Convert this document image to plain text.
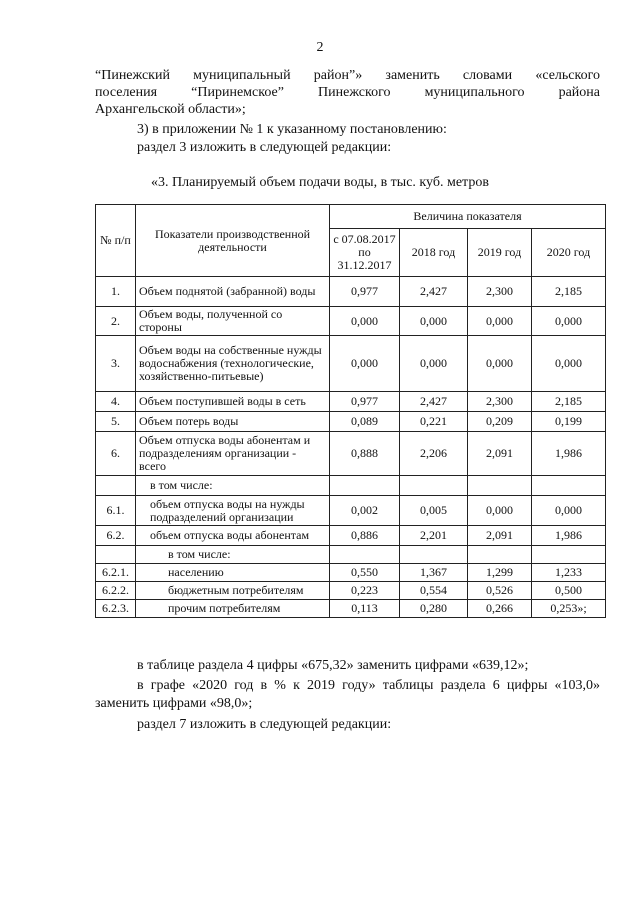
2
“Пинежский муниципальный район”» заменить словами «сельского
поселения “Пиринемское” Пинежского муниципального района
Архангельской области»;
3) в приложении № 1 к указанному постановлению:
раздел 3 изложить в следующей редакции:
«3. Планируемый объем подачи воды, в тыс. куб. метров
№ п/п	Показатели производственной деятельности	Величина показателя			
		с 07.08.2017 по 31.12.2017	2018 год	2019 год	2020 год
1.	Объем поднятой (забранной) воды	0,977	2,427	2,300	2,185
2.	Объем воды, полученной со стороны	0,000	0,000	0,000	0,000
3.	Объем воды на собственные нужды водоснабжения (технологические, хозяйственно-питьевые)	0,000	0,000	0,000	0,000
4.	Объем поступившей воды в сеть	0,977	2,427	2,300	2,185
5.	Объем потерь воды	0,089	0,221	0,209	0,199
6.	Объем отпуска воды абонентам и подразделениям организации - всего	0,888	2,206	2,091	1,986
	в том числе:				
6.1.	объем отпуска воды на нужды подразделений организации	0,002	0,005	0,000	0,000
6.2.	объем отпуска воды абонентам	0,886	2,201	2,091	1,986
	в том числе:				
6.2.1.	населению	0,550	1,367	1,299	1,233
6.2.2.	бюджетным потребителям	0,223	0,554	0,526	0,500
6.2.3.	прочим потребителям	0,113	0,280	0,266	0,253»;
в таблице раздела 4 цифры «675,32» заменить цифрами «639,12»;
в графе «2020 год в % к 2019 году» таблицы раздела 6 цифры «103,0»
заменить цифрами «98,0»;
раздел 7 изложить в следующей редакции:
